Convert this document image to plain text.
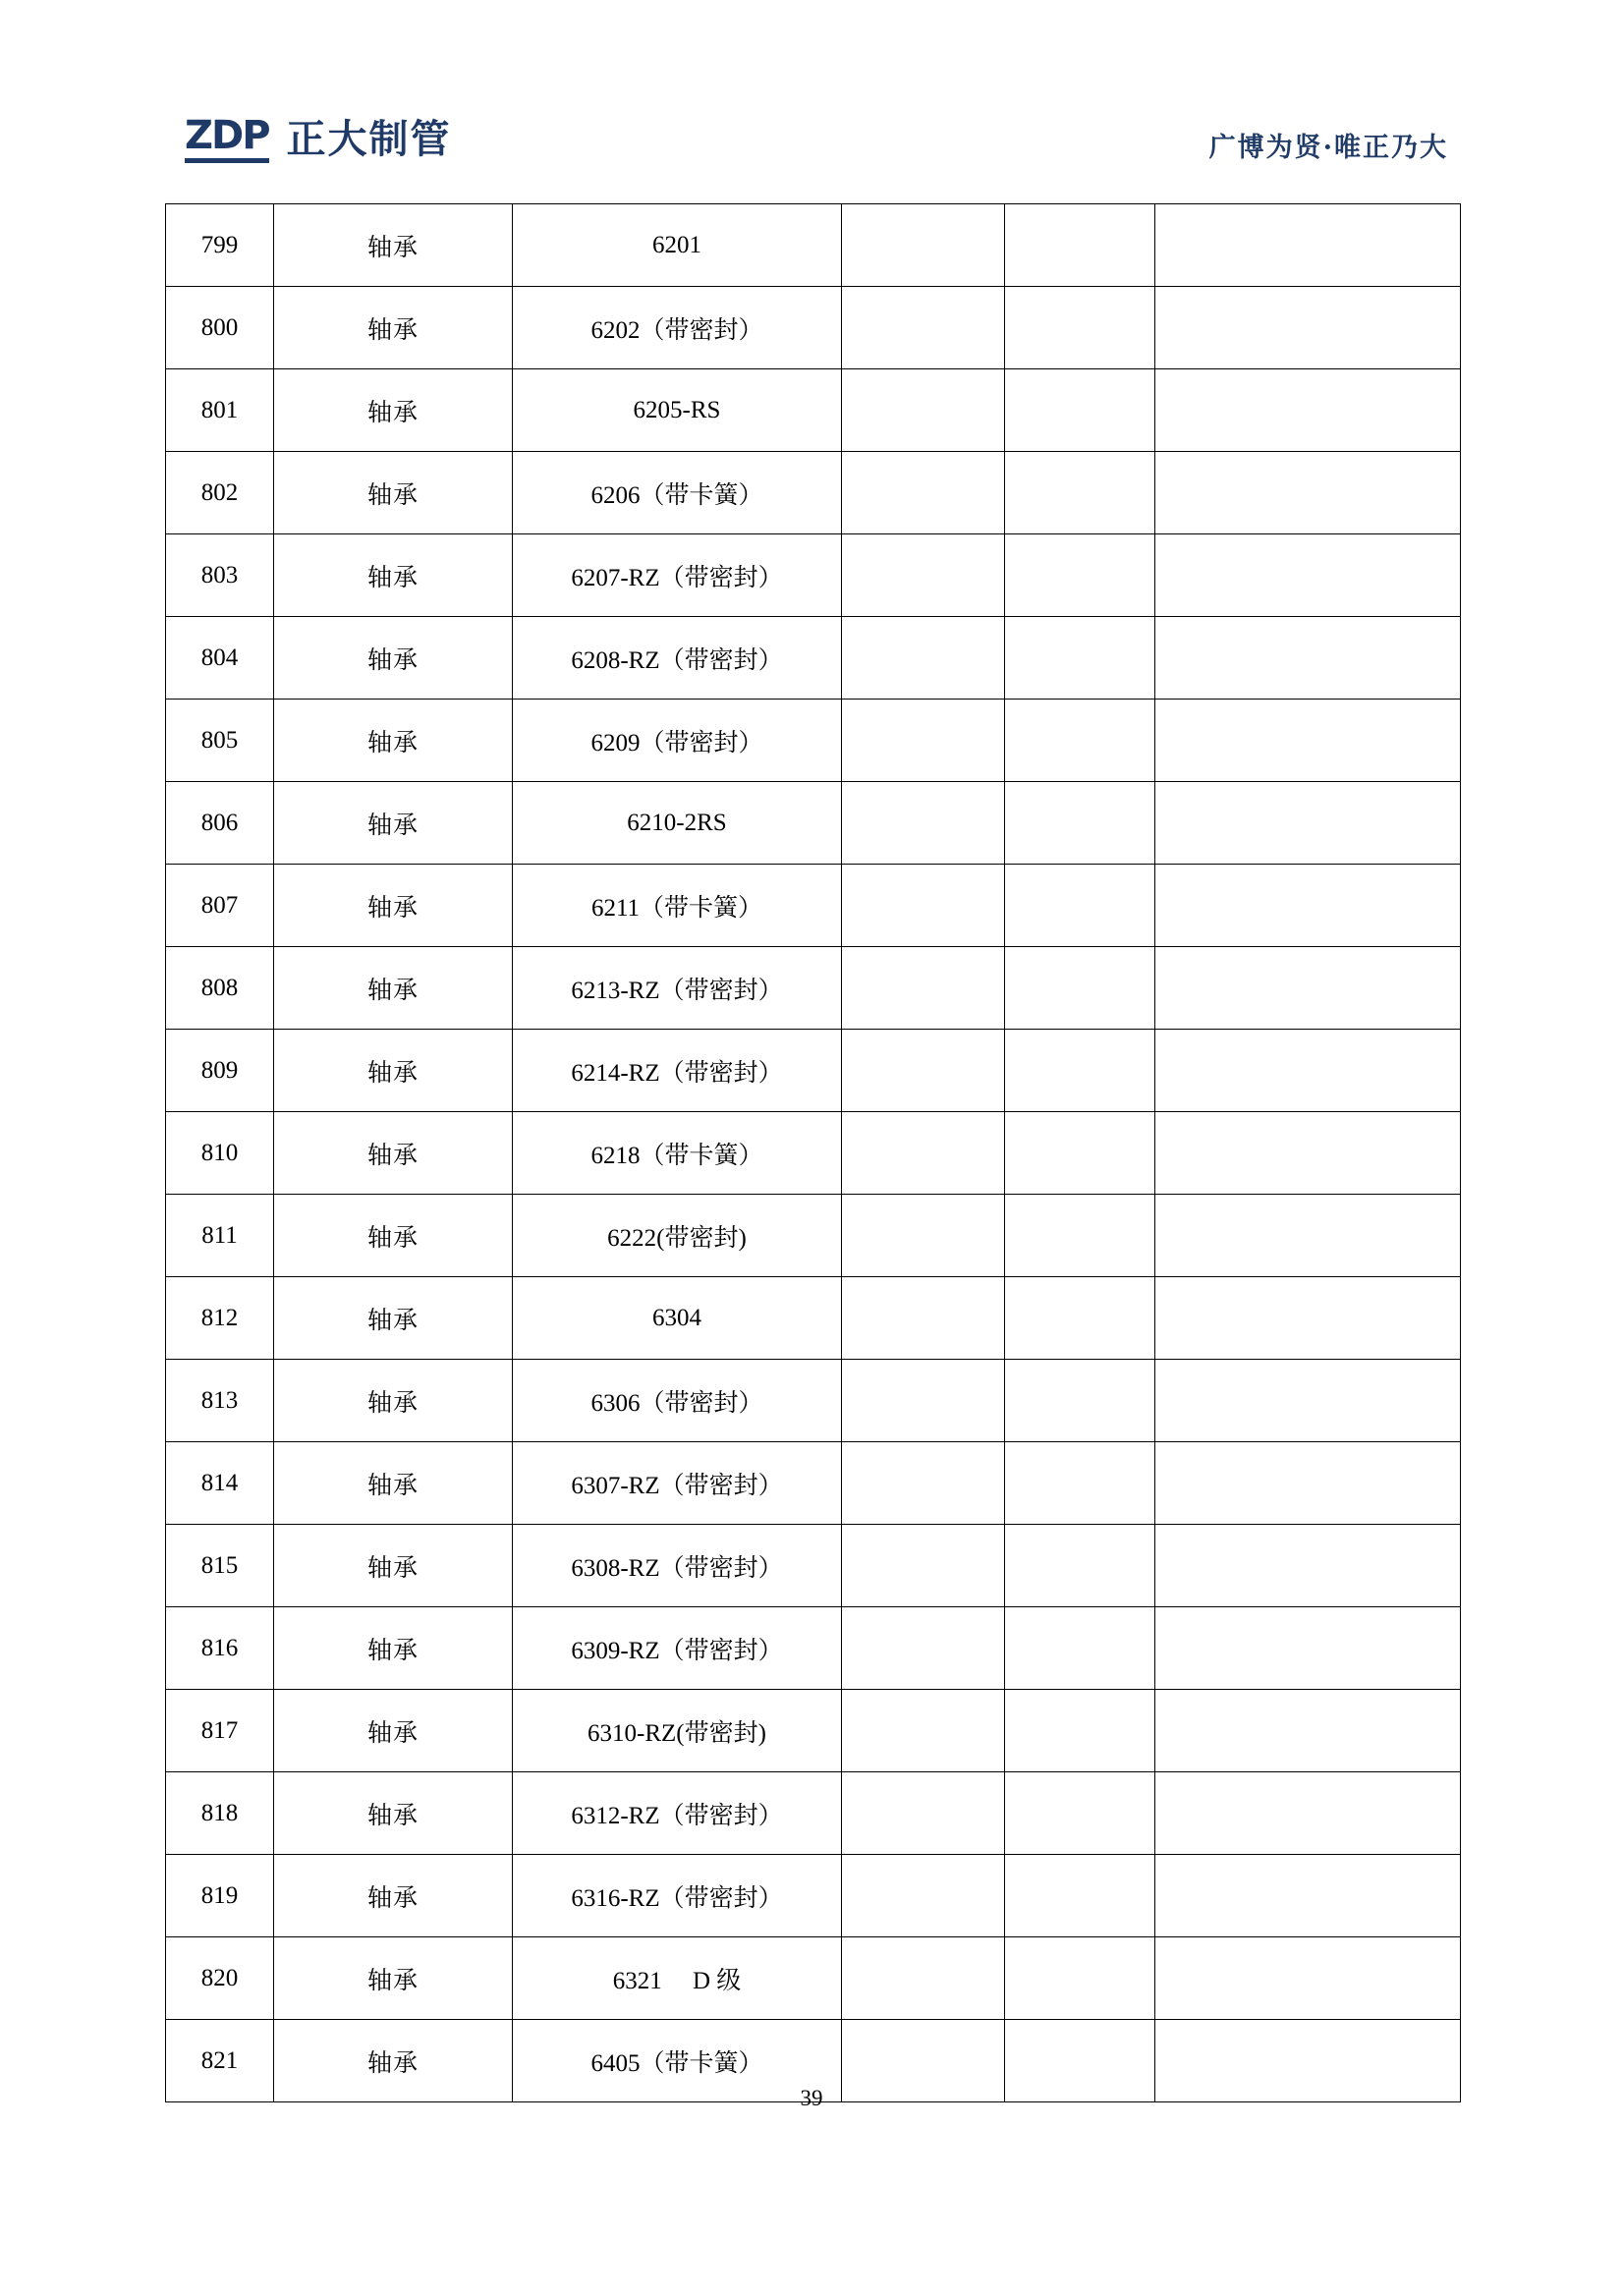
ZDP 正大制管	广博为贤·唯正乃大
799	轴承	6201			
800	轴承	6202（带密封）			
801	轴承	6205-RS			
802	轴承	6206（带卡簧）			
803	轴承	6207-RZ（带密封）			
804	轴承	6208-RZ（带密封）			
805	轴承	6209（带密封）			
806	轴承	6210-2RS			
807	轴承	6211（带卡簧）			
808	轴承	6213-RZ（带密封）			
809	轴承	6214-RZ（带密封）			
810	轴承	6218（带卡簧）			
811	轴承	6222(带密封)			
812	轴承	6304			
813	轴承	6306（带密封）			
814	轴承	6307-RZ（带密封）			
815	轴承	6308-RZ（带密封）			
816	轴承	6309-RZ（带密封）			
817	轴承	6310-RZ(带密封)			
818	轴承	6312-RZ（带密封）			
819	轴承	6316-RZ（带密封）			
820	轴承	6321     D 级			
821	轴承	6405（带卡簧）			
39
